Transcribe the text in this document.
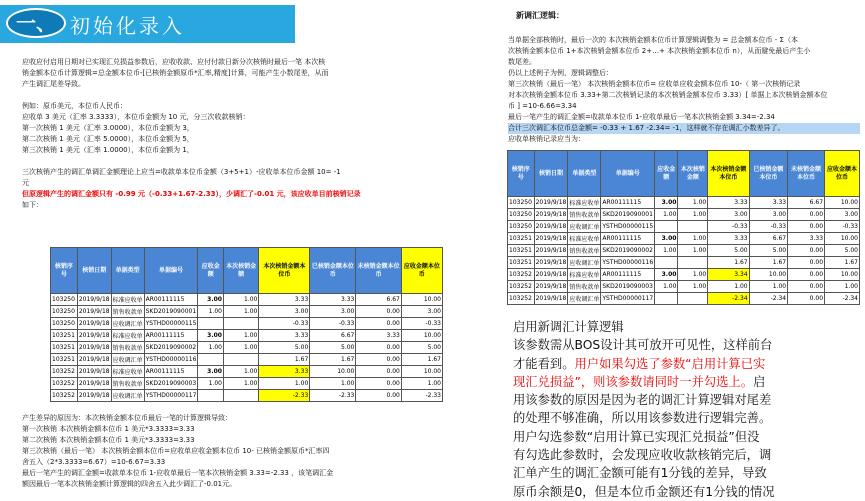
一、 初始化录入

应收应付启用日期对已实现汇兑损益参数后，应收收款、应付付款日新分次核销时最后一笔 本次核

销金额本位币计算逻辑=总金额本位币-[已核销金额原币*汇率,精度]计算，可能产生小数尾差，从而

产生调汇尾差导致。

例如：原币美元，本位币人民币：

应收单 3 美元（汇率 3.3333），本位币金额为 10 元，分三次收款核销：

第一次核销 1 美元（汇率 3.0000），本位币金额为 3，

第二次核销 1 美元（汇率 5.0000），本位币金额为 5，

第三次核销 1 美元（汇率 1.0000），本位币金额为 1，

三次核销产生的调汇单调汇金额理论上应当=收款单本位币金额（3+5+1）-应收单本位币金额 10= -1

元

但原逻辑产生的调汇金额只有 -0.99 元（-0.33+1.67-2.33），少调汇了-0.01 元，该应收单目前核销记录

如下：

核销序号	核销日期	单据类型	单据编号	应收金额	本次核销金额	本次核销金额本位币	已核销金额本位币	未核销金额本位币	应收金额本位币
103250	2019/9/18	标准应收单	AR00111115	3.00	1.00	3.33	3.33	6.67	10.00
103250	2019/9/18	销售收款单	SKD2019090001	1.00	1.00	3.00	3.00	0.00	3.00
103250	2019/9/18	应收调汇单	YSTHD00000115			-0.33	-0.33	0.00	-0.33
103251	2019/9/18	标准应收单	AR00111115	3.00	1.00	3.33	6.67	3.33	10.00
103251	2019/9/18	销售收款单	SKD2019090002	1.00	1.00	5.00	5.00	0.00	5.00
103251	2019/9/18	应收调汇单	YSTHD00000116			1.67	1.67	0.00	1.67
103252	2019/9/18	标准应收单	AR00111115	3.00	1.00	3.33	10.00	0.00	10.00
103252	2019/9/18	销售收款单	SKD2019090003	1.00	1.00	1.00	1.00	0.00	1.00
103252	2019/9/18	应收调汇单	YSTHD00000117			-2.33	-2.33	0.00	-2.33

产生差异的原因为：本次核销金额本位币最后一笔的计算逻辑导致：

第一次核销 本次核销金额本位币 1 美元*3.3333=3.33

第二次核销 本次核销金额本位币 1 美元*3.3333=3.33

第三次核销（最后一笔） 本次核销金额本位币=应收单应收金额本位币 10- 已核销金额原币*汇率四

舍五入（2*3.3333=6.67）=10-6.67=3.33

最后一笔产生的调汇金额=收款单本位币 1-应收单最后一笔本次核销金额 3.33=-2.33 ，该笔调汇金

额因最后一笔本次核销金额计算逻辑的四舍五入此少调汇了-0.01元。

新调汇逻辑：

当单据全部核销时，最后一次的 本次核销金额本位币计算逻辑调整为 = 总金额本位币 - Σ（本

次核销金额本位币 1+本次核销金额本位币 2+…+ 本次核销金额本位币 n），从而避免最后产生小

数尾差。

仍以上述例子为例，逻辑调整后：

第三次核销（最后一笔） 本次核销金额本位币= 应收单应收金额本位币 10-（ 第一次核销记录

对本次核销金额本位币 3.33+第二次核销记录的本次核销金额本位币 3.33）[ 单据上本次核销金额本位

币 ] =10-6.66=3.34

最后一笔产生的调汇金额=收款单本位币 1-应收单最后一笔本次核销金额 3.34=-2.34

合计三次调汇本位币总金额= -0.33 + 1.67 -2.34= -1，这样就不存在调汇小数差异了。

应收单核销记录应当为：

核销序号	核销日期	单据类型	单据编号	应收金额	本次核销金额	本次核销金额本位币	已核销金额本位币	未核销金额本位币	应收金额本位币
103250	2019/9/18	标准应收单	AR00111115	3.00	1.00	3.33	3.33	6.67	10.00
103250	2019/9/18	销售收款单	SKD2019090001	1.00	1.00	3.00	3.00	0.00	3.00
103250	2019/9/18	应收调汇单	YSTHD00000115			-0.33	-0.33	0.00	-0.33
103251	2019/9/18	标准应收单	AR00111115	3.00	1.00	3.33	6.67	3.33	10.00
103251	2019/9/18	销售收款单	SKD2019090002	1.00	1.00	5.00	5.00	0.00	5.00
103251	2019/9/18	应收调汇单	YSTHD00000116			1.67	1.67	0.00	1.67
103252	2019/9/18	标准应收单	AR00111115	3.00	1.00	3.34	10.00	0.00	10.00
103252	2019/9/18	销售收款单	SKD2019090003	1.00	1.00	1.00	1.00	0.00	1.00
103252	2019/9/18	应收调汇单	YSTHD00000117			-2.34	-2.34	0.00	-2.34

启用新调汇计算逻辑

该参数需从BOS设计其可放开可见性，这样前台

才能看到。用户如果勾选了参数“启用计算已实

现汇兑损益”，则该参数请同时一并勾选上。启

用该参数的原因是因为老的调汇计算逻辑对尾差

的处理不够准确，所以用该参数进行逻辑完善。

用户勾选参数“启用计算已实现汇兑损益”但没

有勾选此参数时，会发现应收收款核销完后，调

汇单产生的调汇金额可能有1分钱的差异，导致

原币余额是0，但是本位币金额还有1分钱的情况
